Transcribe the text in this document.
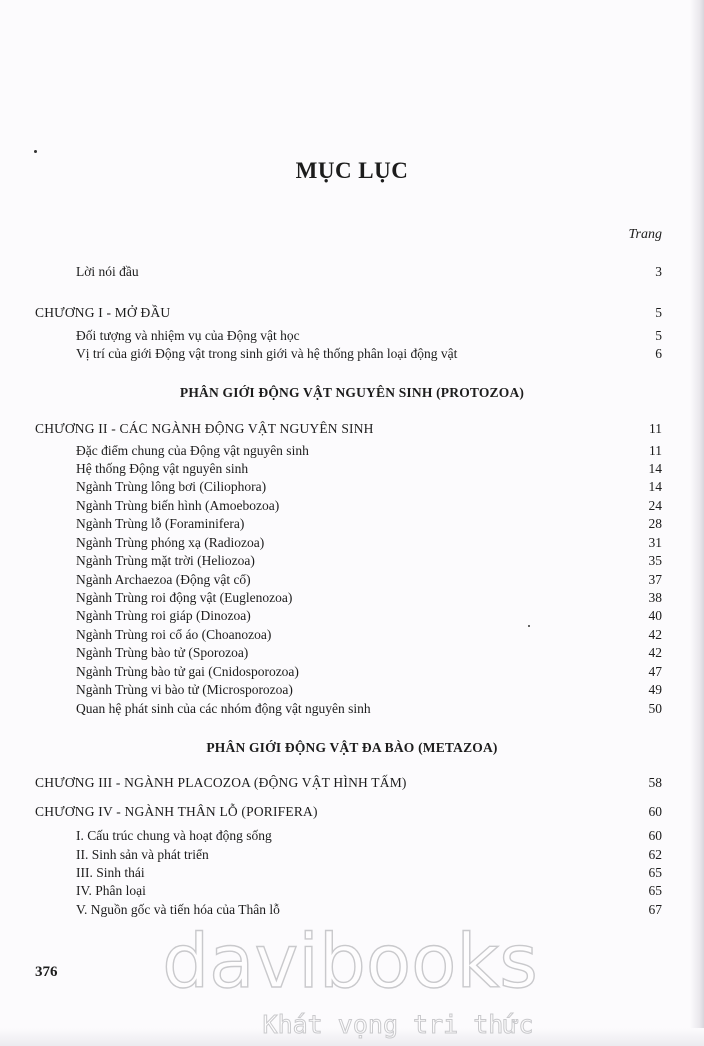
MỤC LỤC
Trang
Lời nói đầu	3
CHƯƠNG I - MỞ ĐẦU	5
Đối tượng và nhiệm vụ của Động vật học	5
Vị trí của giới Động vật trong sinh giới và hệ thống phân loại động vật	6
PHÂN GIỚI ĐỘNG VẬT NGUYÊN SINH (PROTOZOA)
CHƯƠNG II - CÁC NGÀNH ĐỘNG VẬT NGUYÊN SINH	11
Đặc điểm chung của Động vật nguyên sinh	11
Hệ thống Động vật nguyên sinh	14
Ngành Trùng lông bơi (Ciliophora)	14
Ngành Trùng biến hình (Amoebozoa)	24
Ngành Trùng lỗ (Foraminifera)	28
Ngành Trùng phóng xạ (Radiozoa)	31
Ngành Trùng mặt trời (Heliozoa)	35
Ngành Archaezoa (Động vật cổ)	37
Ngành Trùng roi động vật (Euglenozoa)	38
Ngành Trùng roi giáp (Dinozoa)	40
Ngành Trùng roi cổ áo (Choanozoa)	42
Ngành Trùng bào tử (Sporozoa)	42
Ngành Trùng bào tử gai (Cnidosporozoa)	47
Ngành Trùng vi bào tử (Microsporozoa)	49
Quan hệ phát sinh của các nhóm động vật nguyên sinh	50
PHÂN GIỚI ĐỘNG VẬT ĐA BÀO (METAZOA)
CHƯƠNG III - NGÀNH PLACOZOA (ĐỘNG VẬT HÌNH TẤM)	58
CHƯƠNG IV - NGÀNH THÂN LỖ (PORIFERA)	60
I. Cấu trúc chung và hoạt động sống	60
II. Sinh sản và phát triển	62
III. Sinh thái	65
IV. Phân loại	65
V. Nguồn gốc và tiến hóa của Thân lỗ	67
376 davibooks
Khát vọng tri thức
